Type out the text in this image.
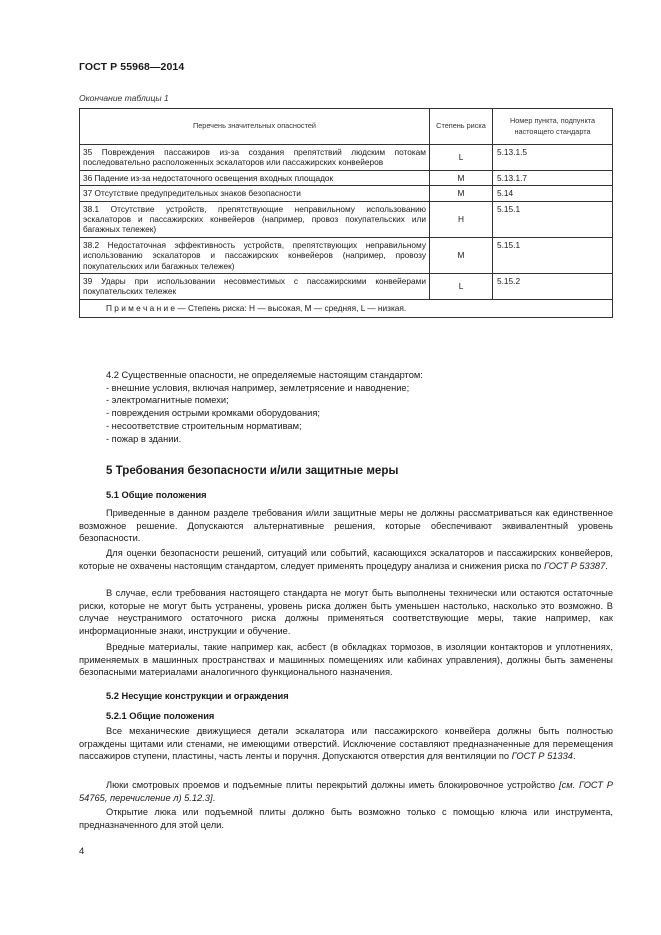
ГОСТ Р 55968—2014
Окончание таблицы 1
Перечень значительных опасностей	Степень риска	Номер пункта, подпункта настоящего стандарта
35 Повреждения пассажиров из-за создания препятствий людским потокам последовательно расположенных эскалаторов или пассажирских конвейеров	L	5.13.1.5
36 Падение из-за недостаточного освещения входных площадок	M	5.13.1.7
37 Отсутствие предупредительных знаков безопасности	M	5.14
38.1 Отсутствие устройств, препятствующие неправильному использованию эскалаторов и пассажирских конвейеров (например, провоз покупательских или багажных тележек)	H	5.15.1
38.2 Недостаточная эффективность устройств, препятствующих неправильному использованию эскалаторов и пассажирских конвейеров (например, провозу покупательских или багажных тележек)	M	5.15.1
39 Удары при использовании несовместимых с пассажирскими конвейерами покупательских тележек	L	5.15.2
П р и м е ч а н и е — Степень риска: Н — высокая, М — средняя, L — низкая.		
4.2 Существенные опасности, не определяемые настоящим стандартом:
- внешние условия, включая например, землетрясение и наводнение;
- электромагнитные помехи;
- повреждения острыми кромками оборудования;
- несоответствие строительным нормативам;
- пожар в здании.
5 Требования безопасности и/или защитные меры
5.1 Общие положения
Приведенные в данном разделе требования и/или защитные меры не должны рассматриваться как единственное возможное решение. Допускаются альтернативные решения, которые обеспечивают эквивалентный уровень безопасности.
Для оценки безопасности решений, ситуаций или событий, касающихся эскалаторов и пассажирских конвейеров, которые не охвачены настоящим стандартом, следует применять процедуру анализа и снижения риска по ГОСТ Р 53387.
В случае, если требования настоящего стандарта не могут быть выполнены технически или остаются остаточные риски, которые не могут быть устранены, уровень риска должен быть уменьшен настолько, насколько это возможно. В случае неустранимого остаточного риска должны применяться соответствующие меры, такие например, как информационные знаки, инструкции и обучение.
Вредные материалы, такие например как, асбест (в обкладках тормозов, в изоляции контакторов и уплотнениях, применяемых в машинных пространствах и машинных помещениях или кабинах управления), должны быть заменены безопасными материалами аналогичного функционального назначения.
5.2 Несущие конструкции и ограждения
5.2.1 Общие положения
Все механические движущиеся детали эскалатора или пассажирского конвейера должны быть полностью ограждены щитами или стенами, не имеющими отверстий. Исключение составляют предназначенные для перемещения пассажиров ступени, пластины, часть ленты и поручня. Допускаются отверстия для вентиляции по ГОСТ Р 51334.
Люки смотровых проемов и подъемные плиты перекрытий должны иметь блокировочное устройство [см. ГОСТ Р 54765, перечисление л) 5.12.3].
Открытие люка или подъемной плиты должно быть возможно только с помощью ключа или инструмента, предназначенного для этой цели.
4
